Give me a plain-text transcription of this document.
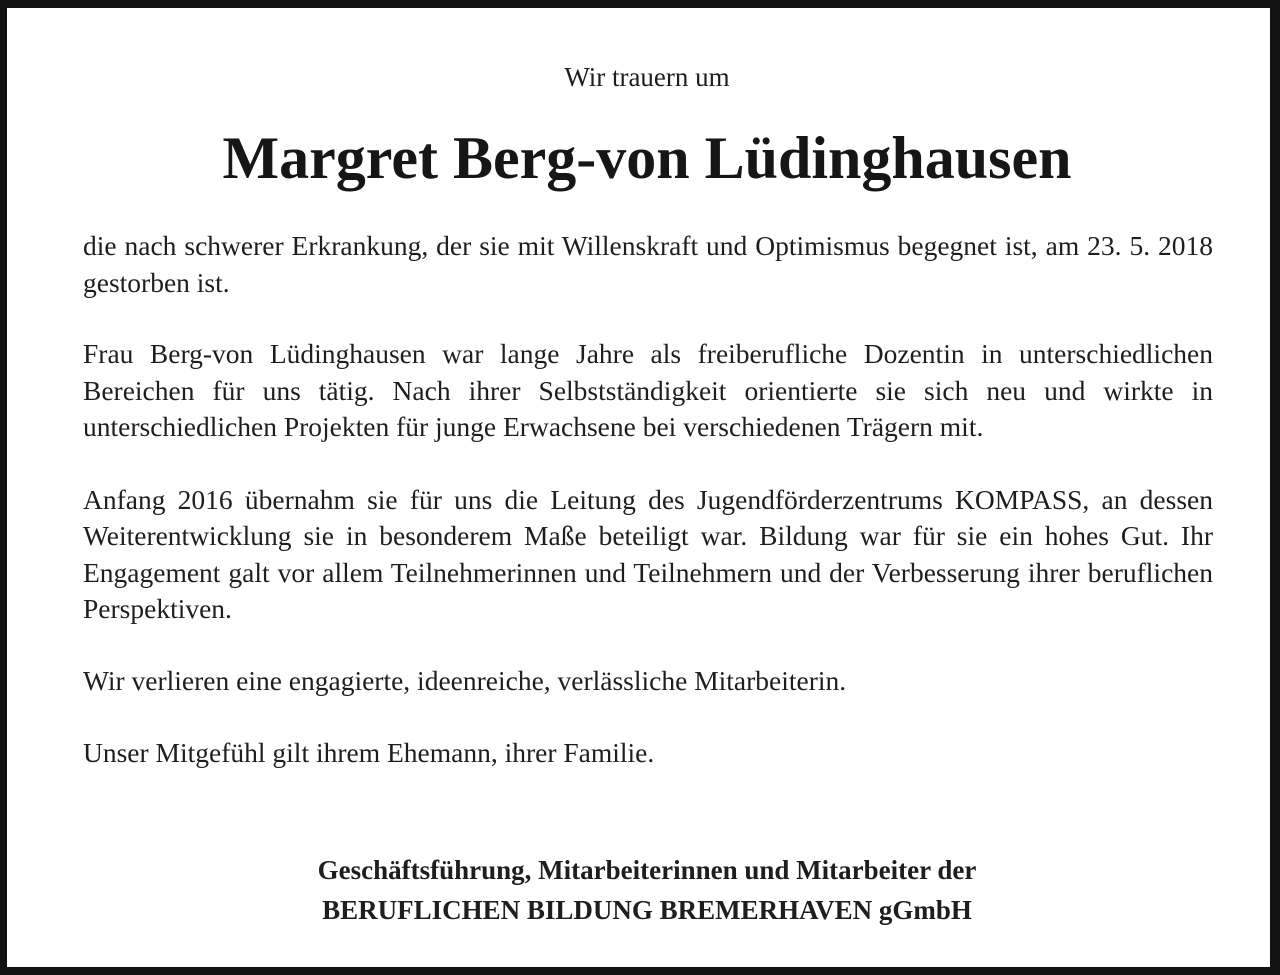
Wir trauern um
Margret Berg-von Lüdinghausen

die nach schwerer Erkrankung, der sie mit Willenskraft und Optimismus begegnet ist, am 23. 5. 2018 gestorben ist.

Frau Berg-von Lüdinghausen war lange Jahre als freiberufliche Dozentin in unterschiedlichen Bereichen für uns tätig. Nach ihrer Selbstständigkeit orientierte sie sich neu und wirkte in unterschiedlichen Projekten für junge Erwachsene bei verschiedenen Trägern mit.

Anfang 2016 übernahm sie für uns die Leitung des Jugendförderzentrums KOMPASS, an dessen Weiterentwicklung sie in besonderem Maße beteiligt war. Bildung war für sie ein hohes Gut. Ihr Engagement galt vor allem Teilnehmerinnen und Teilnehmern und der Verbesserung ihrer beruflichen Perspektiven.

Wir verlieren eine engagierte, ideenreiche, verlässliche Mitarbeiterin.

Unser Mitgefühl gilt ihrem Ehemann, ihrer Familie.

Geschäftsführung, Mitarbeiterinnen und Mitarbeiter der
BERUFLICHEN BILDUNG BREMERHAVEN gGmbH
